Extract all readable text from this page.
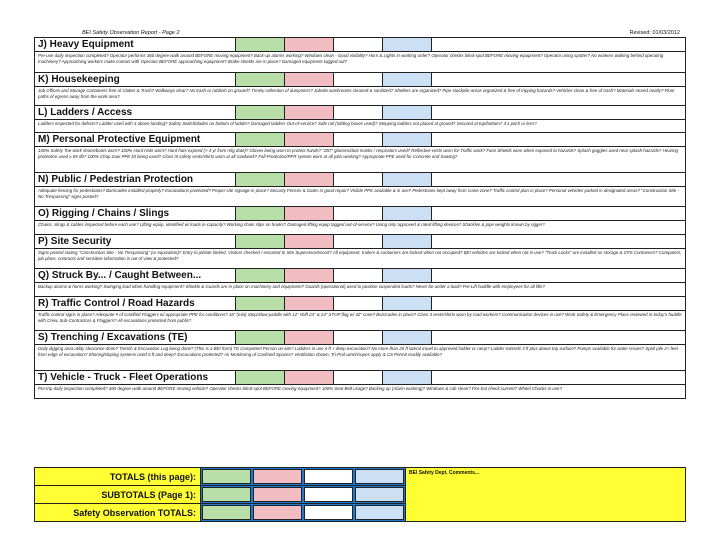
BEI Safety Observation Report - Page 2	Revised: 01/03/2012
J) Heavy Equipment
Pre-use daily inspection completed? Operator performs 360 degree walk around BEFORE moving equipment? Back-up alarms working? Windows clean - Good visibility? Horn & Lights in working order? Operator checks blind-spot BEFORE moving equipment? Operator using spotter? No workers walking behind operating machinery? Approaching workers make contact with Operator BEFORE approaching equipment? Brake shields are in place? Damaged equipment tagged out?
K) Housekeeping
Job Offices and Storage Containers free of Clutter & Trash? Walkways clear? No trash or rubbish on ground? Timely collection of dumpsters? Jobsite washrooms cleaned & sanitized? Shelters are organized? Pipe stockpile areas organized & free of tripping hazards? Vehicles clean & free of trash? Materials stored neatly? Floor paths of egress away from the work area?
L) Ladders / Access
Ladders inspected for defects? Ladder used with 3 above landing? Safety Switchblades on bottom of ladder? Damaged ladders Out-of-service? Safe rail (Sliding boxes used)? Stepping ladders not placed at ground? Secured at top/bottom? 4:1 pitch or less?
M) Personal Protective Equipment
100% Safety Toe work shoes/boots worn? 100% Hard Hats worn? Hard hats expired (> 4 yr from mfg date)? Gloves being worn to protect hands? "Z87" glasses/dust masks / respirators used? Reflective vests worn for Traffic work? Face Shields worn when exposed to hazards? Splash goggles used near splash hazards? Hearing protection used ≥ 85 db? 100% Chop Saw PPE kit being used? Class III safety vests/shirts worn at all roadwork? Fall Protection/PFR system worn at all jobs working? Appropriate PPE used for Concrete and Sawing?
N) Public / Pedestrian Protection
Adequate fencing for pedestrians? Barricades installed properly? Excavations protected? Proper site signage in place? Security Fences & Gates in good repair? Visible PPE available & in use? Pedestrians kept away from crane zone? Traffic control plan in place? Personal vehicles parked in designated areas? "Construction Site - No Trespassing" signs posted?
O) Rigging / Chains / Slings
Chains, slings & cables inspected before each use? Lifting equip. identified w/ loads in-capacity? Working chain slips on hooks? Damaged lifting equip tagged out-of-service? Using only approved & rated lifting devices? Shackles & pipe weights known by rigger?
P) Site Security
Signs posted stating "Construction Site - No Trespassing" (or equivalent)? Entry to jobsite limited, Visitors checked / escorted to Site Supervisor/escort? All equipment, trailers & containers are locked when not occupied? BEI vehicles are locked when not in use? "Truck Locks" are installed on storage & CPS Containers? Computers, job plans, contracts and sensitive information is out of view & protected?
Q) Struck By... / Caught Between...
Backup alarms & horns working? Swinging load when handling equipment? Shields & Guards are in place on machinery and equipment? Guards (operational) used to position suspended loads? Never be under a load? Pre-Lift huddle with employees for all lifts?
R) Traffic Control / Road Hazards
Traffic control signs in place? Adequate # of Certified Flaggers w/ appropriate PPE for conditions? 18" (min) Stop/Slow paddle with 12" shift 24" & 24" STOP flag w/ 42" cone? Barricades in place? Class 3 vests/shirts worn by road workers? Communication devices in use? Work Safety & Emergency Plans reviewed in today's huddle with Crew, Sub-Contractors & Flaggers? All excavations protected from public?
S) Trenching / Excavations (TE)
Daily digging area utility clearance done? Trench & Excavation Log being done? (This is a BEI form) TE Competent Person on site? Ladders in use 4 ft + deep excavation? No more than 25 ft lateral travel to approved ladder or ramp? Ladder extends 3 ft plus above top surface? Pumps available for water issues? Spoil pile 2+ feet from edge of excavation? Shoring/sloping systems used 5 ft and deep? Excavations protected? Air Monitoring of Confined Spaces? Ventilation shown, Tri-Pod winch/ropes apply & CS Permit readily available?
T) Vehicle - Truck - Fleet Operations
Pre-trip daily inspection completed? 360 degree walk-around BEFORE moving vehicle? Operator checks blind-spot BEFORE moving equipment? 100% Seat Belt usage? Backing up (Alarm working)? Windows & cab clean? Fire Ext check current? Wheel Chocks in use?
TOTALS (this page):
SUBTOTALS (Page 1):
Safety Observation TOTALS:
BEI Safety Dept. Comments...
